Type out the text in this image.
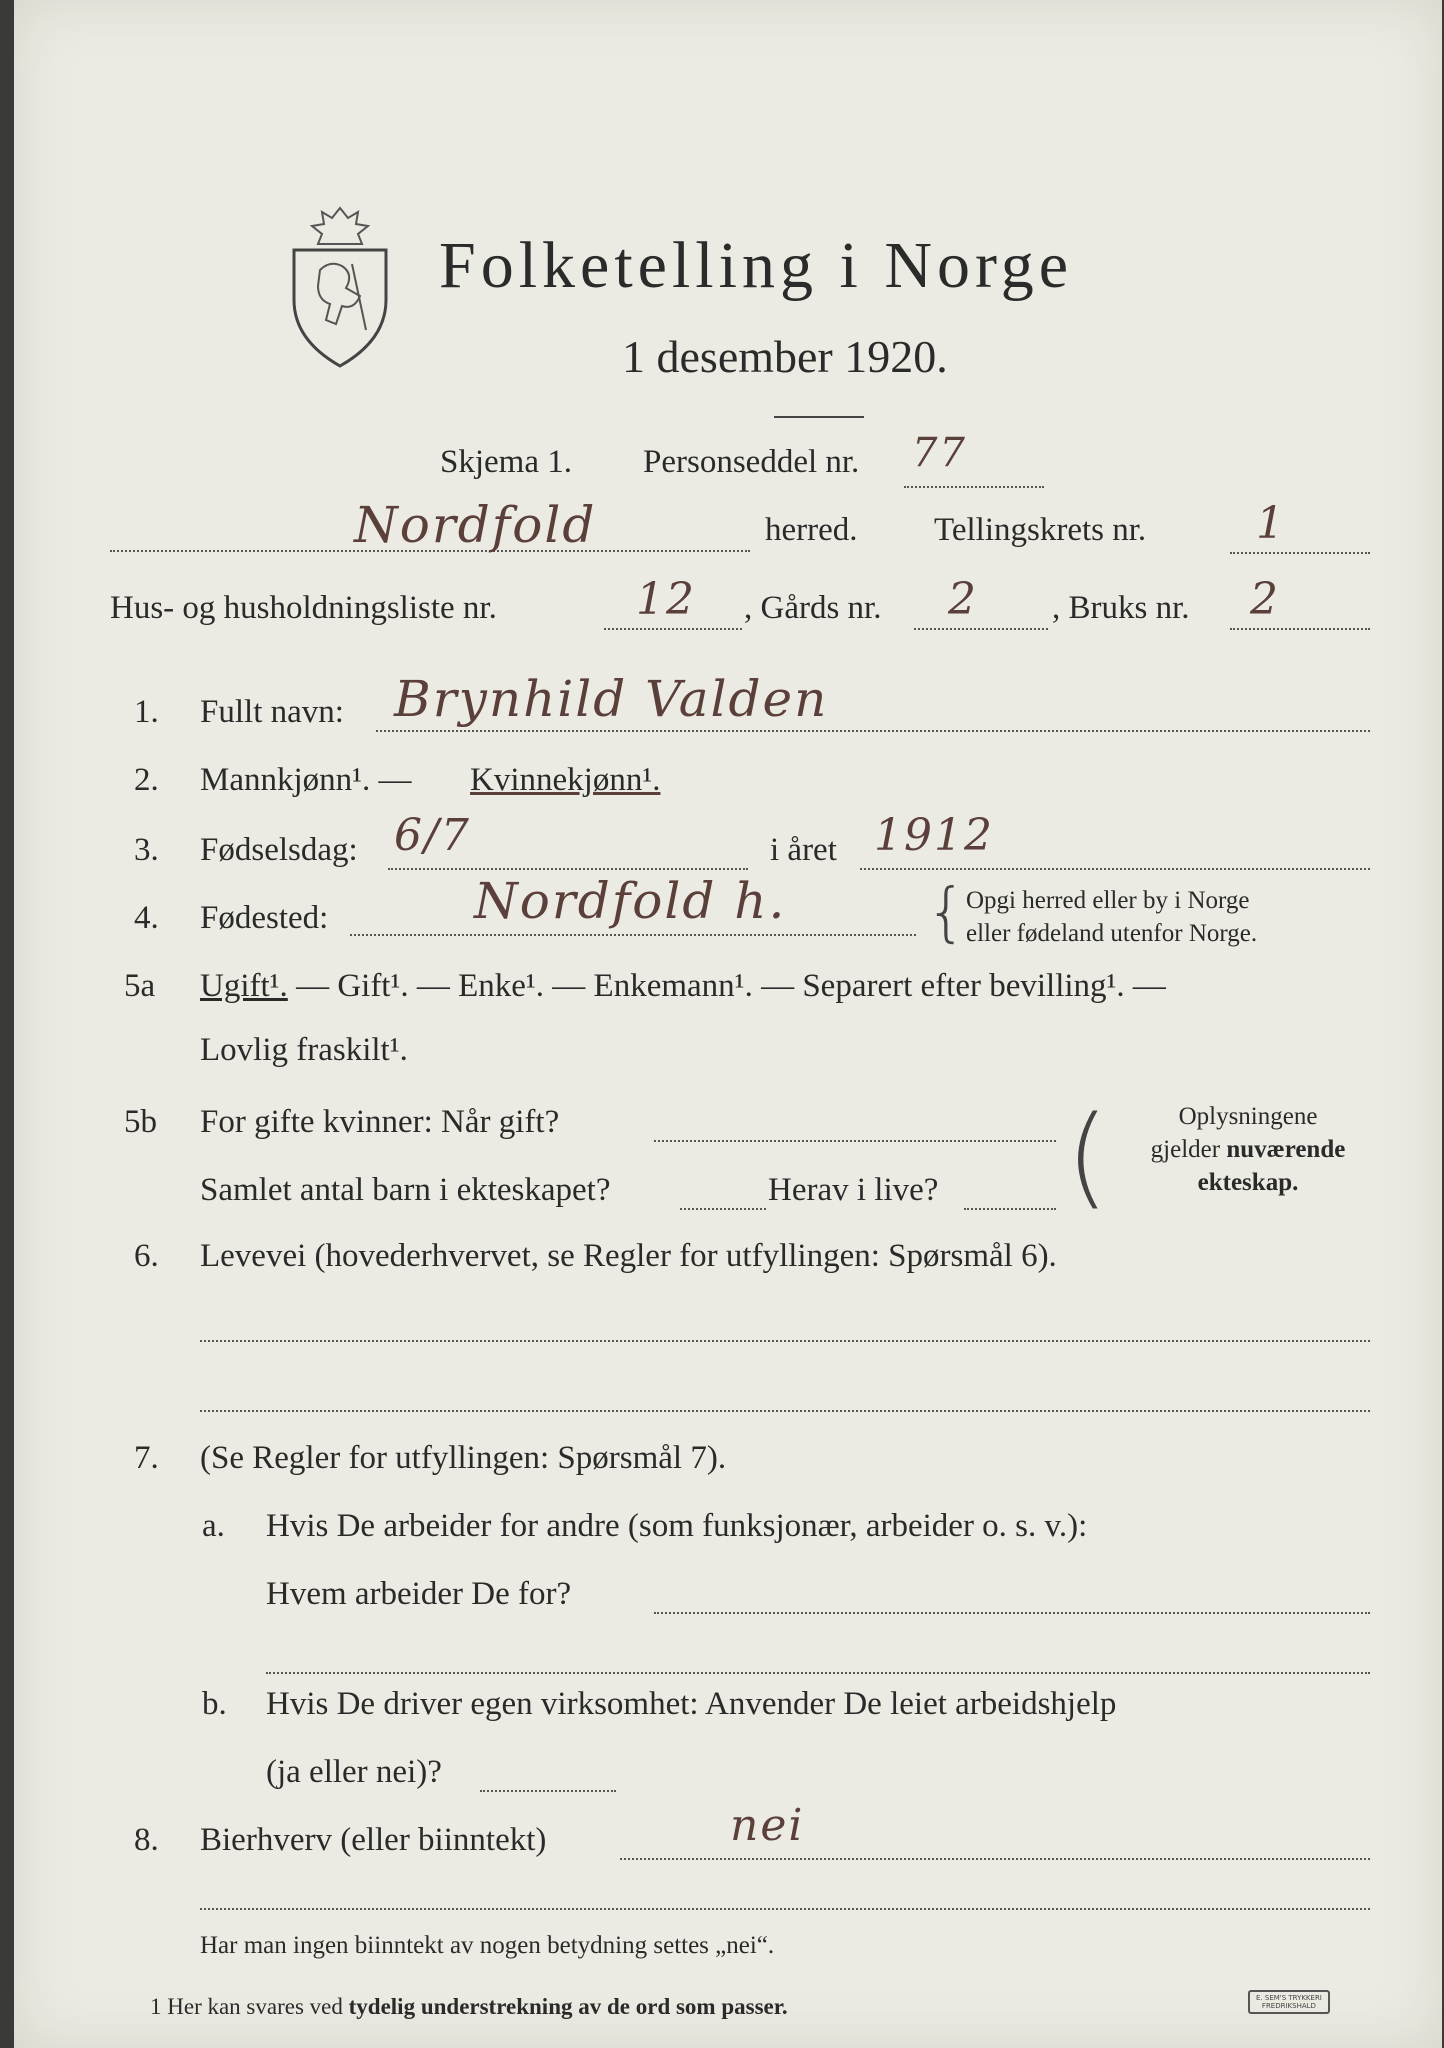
Folketelling i Norge
1 desember 1920.
Skjema 1. Personseddel nr. 77
Nordfold	herred. Tellingskrets nr. 1
Hus- og husholdningsliste nr.	12 , Gårds nr. 2 , Bruks nr. 2
1. Fullt navn: Brynhild Valden
2. Mannkjønn¹. — Kvinnekjønn¹.
3. Fødselsdag: 6/7	i året 1912
4. Fødested:	Nordfold h. { Opgi herred eller by i Norge
eller fødeland utenfor Norge.
5a Ugift¹. — Gift¹. — Enke¹. — Enkemann¹. — Separert efter bevilling¹. —
Lovlig fraskilt¹.
5b For gifte kvinner: Når gift?
Samlet antal barn i ekteskapet?	Herav i live? (	Oplysningene
gjelder nuværende
ekteskap.
6. Levevei (hovederhvervet, se Regler for utfyllingen: Spørsmål 6).
7. (Se Regler for utfyllingen: Spørsmål 7).
a. Hvis De arbeider for andre (som funksjonær, arbeider o. s. v.):
Hvem arbeider De for?
b. Hvis De driver egen virksomhet: Anvender De leiet arbeidshjelp
(ja eller nei)?
8. Bierhverv (eller biinntekt)	nei
Har man ingen biinntekt av nogen betydning settes „nei“.
1 Her kan svares ved tydelig understrekning av de ord som passer.	E. SEM'S TRYKKERI
FREDRIKSHALD
